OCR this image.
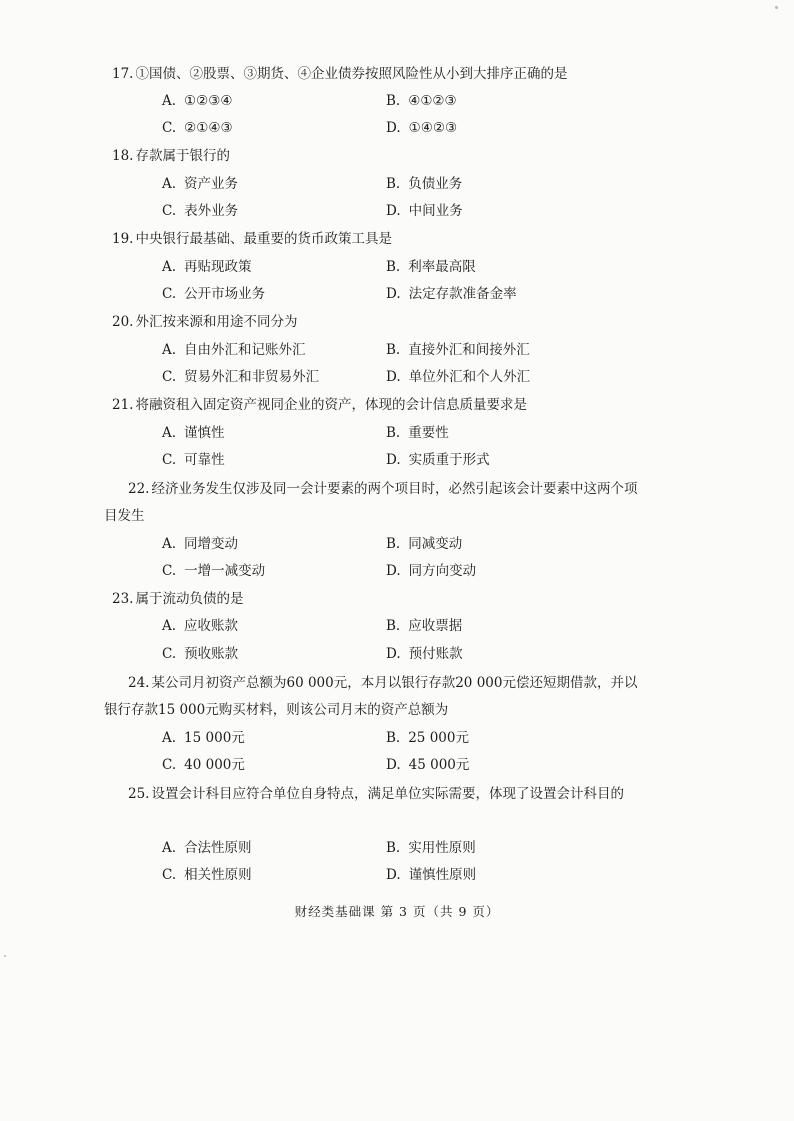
17. ①国债、②股票、③期货、④企业债券按照风险性从小到大排序正确的是
A. ①②③④	B. ④①②③
C. ②①④③	D. ①④②③
18. 存款属于银行的
A. 资产业务	B. 负债业务
C. 表外业务	D. 中间业务
19. 中央银行最基础、最重要的货币政策工具是
A. 再贴现政策	B. 利率最高限
C. 公开市场业务	D. 法定存款准备金率
20. 外汇按来源和用途不同分为
A. 自由外汇和记账外汇	B. 直接外汇和间接外汇
C. 贸易外汇和非贸易外汇	D. 单位外汇和个人外汇
21. 将融资租入固定资产视同企业的资产，体现的会计信息质量要求是
A. 谨慎性	B. 重要性
C. 可靠性	D. 实质重于形式
22. 经济业务发生仅涉及同一会计要素的两个项目时，必然引起该会计要素中这两个项目发生
A. 同增变动	B. 同减变动
C. 一增一减变动	D. 同方向变动
23. 属于流动负债的是
A. 应收账款	B. 应收票据
C. 预收账款	D. 预付账款
24. 某公司月初资产总额为60 000元，本月以银行存款20 000元偿还短期借款，并以银行存款15 000元购买材料，则该公司月末的资产总额为
A. 15 000元	B. 25 000元
C. 40 000元	D. 45 000元
25. 设置会计科目应符合单位自身特点，满足单位实际需要，体现了设置会计科目的
A. 合法性原则	B. 实用性原则
C. 相关性原则	D. 谨慎性原则
财经类基础课 第 3 页（共 9 页）
